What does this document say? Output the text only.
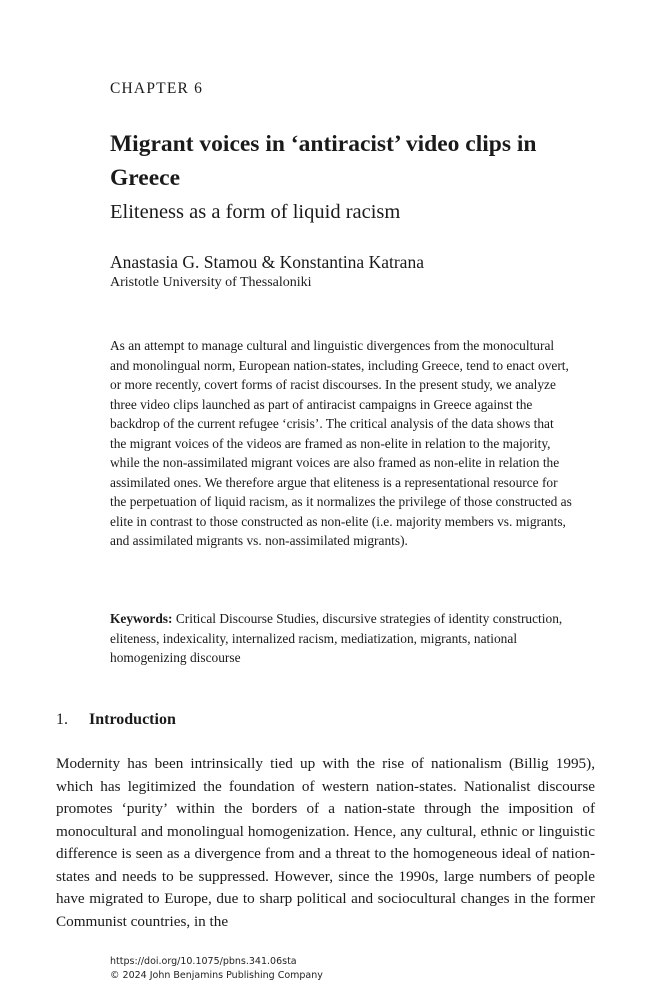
CHAPTER 6
Migrant voices in ‘antiracist’ video clips in Greece
Eliteness as a form of liquid racism
Anastasia G. Stamou & Konstantina Katrana
Aristotle University of Thessaloniki

As an attempt to manage cultural and linguistic divergences from the monocultural and monolingual norm, European nation-states, including Greece, tend to enact overt, or more recently, covert forms of racist discourses. In the present study, we analyze three video clips launched as part of antiracist campaigns in Greece against the backdrop of the current refugee ‘crisis’. The critical analysis of the data shows that the migrant voices of the videos are framed as non-elite in relation to the majority, while the non-assimilated migrant voices are also framed as non-elite in relation the assimilated ones. We therefore argue that eliteness is a representational resource for the perpetuation of liquid racism, as it normalizes the privilege of those constructed as elite in contrast to those constructed as non-elite (i.e. majority members vs. migrants, and assimilated migrants vs. non-assimilated migrants).

Keywords: Critical Discourse Studies, discursive strategies of identity construction, eliteness, indexicality, internalized racism, mediatization, migrants, national homogenizing discourse

1. Introduction

Modernity has been intrinsically tied up with the rise of nationalism (Billig 1995), which has legitimized the foundation of western nation-states. Nationalist discourse promotes ‘purity’ within the borders of a nation-state through the imposition of monocultural and monolingual homogenization. Hence, any cultural, ethnic or linguistic difference is seen as a divergence from and a threat to the homogeneous ideal of nation-states and needs to be suppressed. However, since the 1990s, large numbers of people have migrated to Europe, due to sharp political and sociocultural changes in the former Communist countries, in the

https://doi.org/10.1075/pbns.341.06sta
© 2024 John Benjamins Publishing Company
